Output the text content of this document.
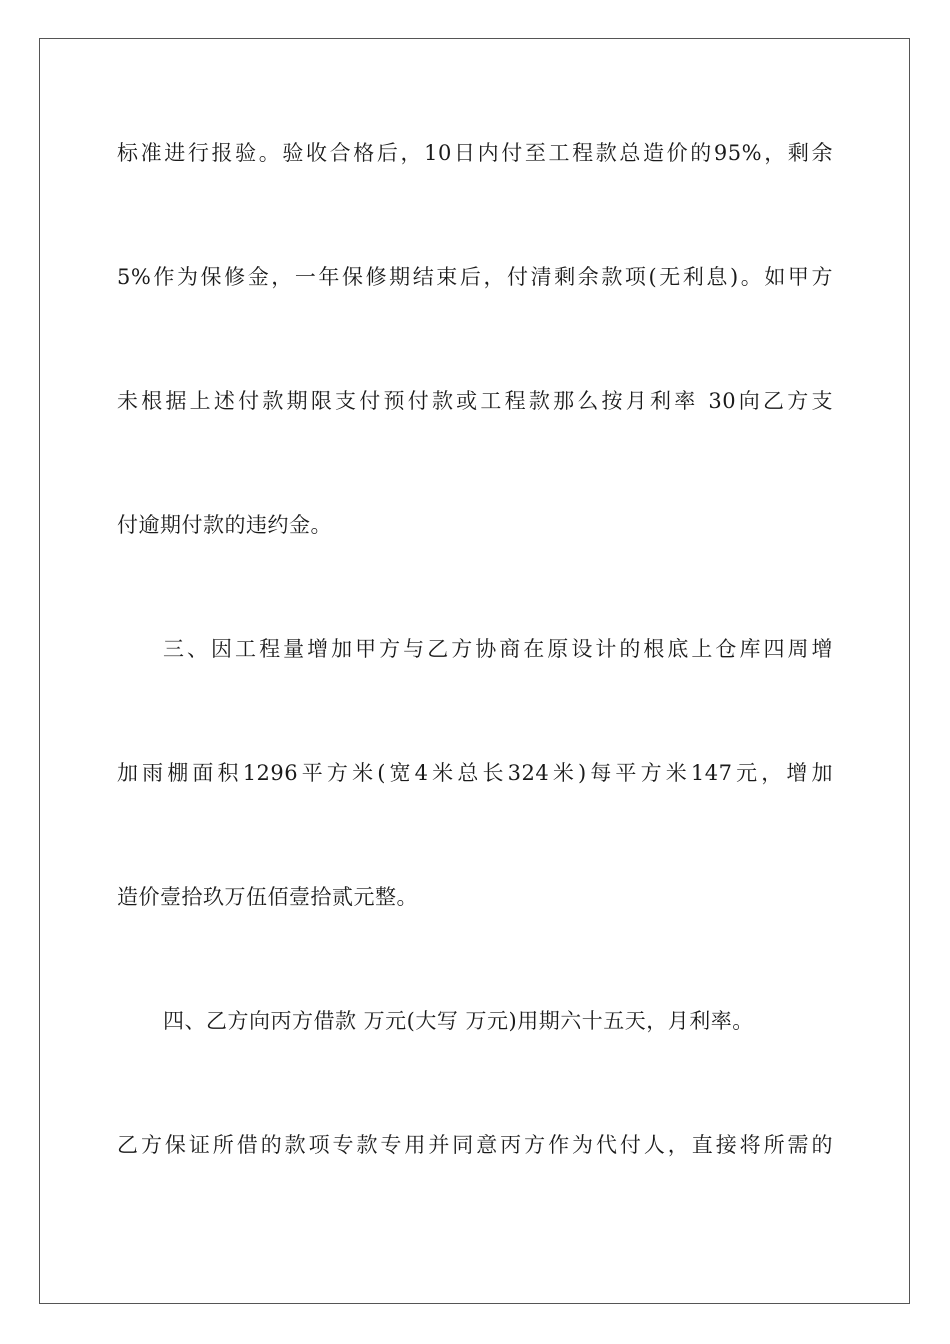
标准进行报验。验收合格后，10日内付至工程款总造价的95%，剩余
5%作为保修金，一年保修期结束后，付清剩余款项(无利息)。如甲方
未根据上述付款期限支付预付款或工程款那么按月利率 30向乙方支
付逾期付款的违约金。
三、因工程量增加甲方与乙方协商在原设计的根底上仓库四周增
加雨棚面积1296平方米(宽4米总长324米)每平方米147元，增加
造价壹拾玖万伍佰壹拾贰元整。
四、乙方向丙方借款 万元(大写 万元)用期六十五天，月利率。
乙方保证所借的款项专款专用并同意丙方作为代付人，直接将所需的
